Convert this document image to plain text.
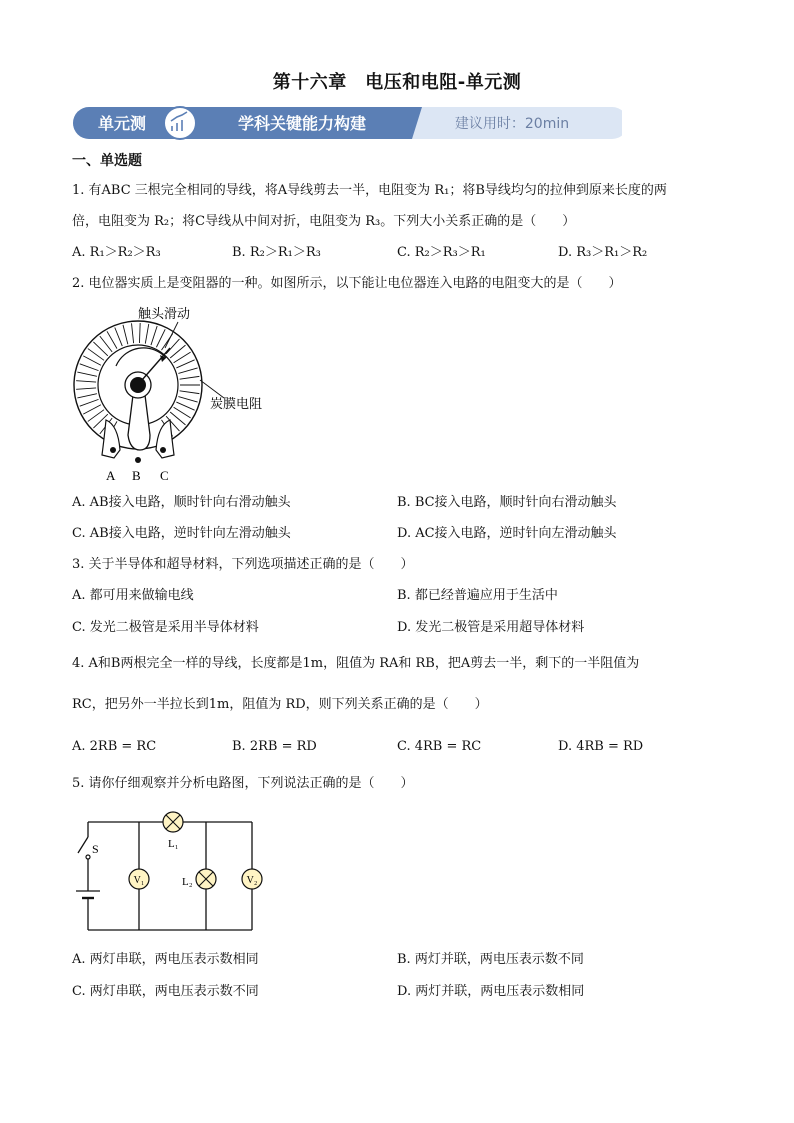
第十六章　电压和电阻-单元测
单元测	学科关键能力构建	建议用时：20min
一、单选题
1. 有ABC 三根完全相同的导线，将A导线剪去一半，电阻变为 R₁；将B导线均匀的拉伸到原来长度的两
倍，电阻变为 R₂；将C导线从中间对折，电阻变为 R₃。下列大小关系正确的是（　　）
A. R₁＞R₂＞R₃	B. R₂＞R₁＞R₃	C. R₂＞R₃＞R₁	D. R₃＞R₁＞R₂
2. 电位器实质上是变阻器的一种。如图所示，以下能让电位器连入电路的电阻变大的是（　　）
触头滑动
炭膜电阻
A B C
A. AB接入电路，顺时针向右滑动触头	B. BC接入电路，顺时针向右滑动触头
C. AB接入电路，逆时针向左滑动触头	D. AC接入电路，逆时针向左滑动触头
3. 关于半导体和超导材料，下列选项描述正确的是（　　）
A. 都可用来做输电线	B. 都已经普遍应用于生活中
C. 发光二极管是采用半导体材料	D. 发光二极管是采用超导体材料
4. A和B两根完全一样的导线，长度都是1m，阻值为 RA和 RB，把A剪去一半，剩下的一半阻值为
RC，把另外一半拉长到1m，阻值为 RD，则下列关系正确的是（　　）
A. 2RB = RC	B. 2RB = RD	C. 4RB = RC	D. 4RB = RD
5. 请你仔细观察并分析电路图，下列说法正确的是（　　）
V₁	V₂
S	L₁
L₂
A. 两灯串联，两电压表示数相同	B. 两灯并联，两电压表示数不同
C. 两灯串联，两电压表示数不同	D. 两灯并联，两电压表示数相同
